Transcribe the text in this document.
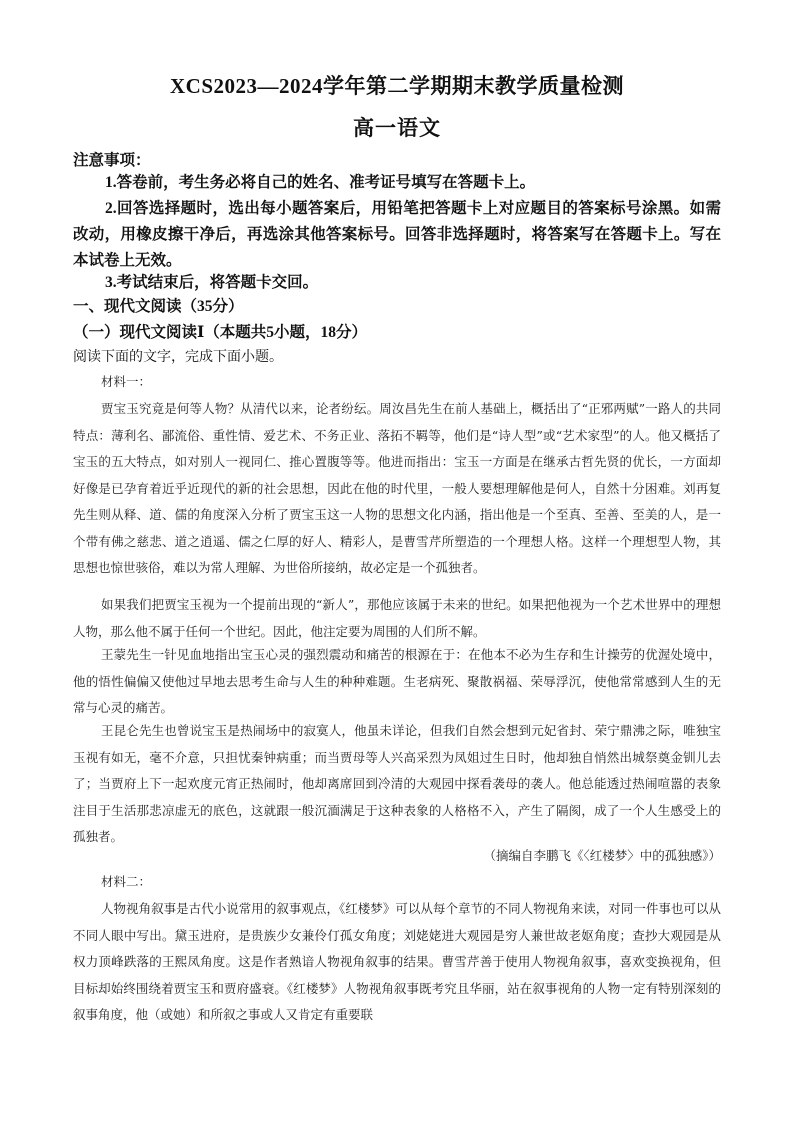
XCS2023—2024学年第二学期期末教学质量检测
高一语文
注意事项：
1.答卷前，考生务必将自己的姓名、准考证号填写在答题卡上。
2.回答选择题时，选出每小题答案后，用铅笔把答题卡上对应题目的答案标号涂黑。如需改动，用橡皮擦干净后，再选涂其他答案标号。回答非选择题时，将答案写在答题卡上。写在本试卷上无效。
3.考试结束后，将答题卡交回。
一、现代文阅读（35分）
（一）现代文阅读Ⅰ（本题共5小题，18分）
阅读下面的文字，完成下面小题。
材料一：
贾宝玉究竟是何等人物？从清代以来，论者纷纭。周汝昌先生在前人基础上，概括出了“正邪两赋”一路人的共同特点：薄利名、鄙流俗、重性情、爱艺术、不务正业、落拓不羁等，他们是“诗人型”或“艺术家型”的人。他又概括了宝玉的五大特点，如对别人一视同仁、推心置腹等等。他进而指出：宝玉一方面是在继承古哲先贤的优长，一方面却好像是已孕育着近乎近现代的新的社会思想，因此在他的时代里，一般人要想理解他是何人，自然十分困难。刘再复先生则从释、道、儒的角度深入分析了贾宝玉这一人物的思想文化内涵，指出他是一个至真、至善、至美的人，是一个带有佛之慈悲、道之逍遥、儒之仁厚的好人、精彩人，是曹雪芹所塑造的一个理想人格。这样一个理想型人物，其思想也惊世骇俗，难以为常人理解、为世俗所接纳，故必定是一个孤独者。
如果我们把贾宝玉视为一个提前出现的“新人”，那他应该属于未来的世纪。如果把他视为一个艺术世界中的理想人物，那么他不属于任何一个世纪。因此，他注定要为周围的人们所不解。
王蒙先生一针见血地指出宝玉心灵的强烈震动和痛苦的根源在于：在他本不必为生存和生计操劳的优渥处境中，他的悟性偏偏又使他过早地去思考生命与人生的种种难题。生老病死、聚散祸福、荣辱浮沉，使他常常感到人生的无常与心灵的痛苦。
王昆仑先生也曾说宝玉是热闹场中的寂寞人，他虽未详论，但我们自然会想到元妃省封、荣宁鼎沸之际，唯独宝玉视有如无，毫不介意，只担忧秦钟病重；而当贾母等人兴高采烈为凤姐过生日时，他却独自悄然出城祭奠金钏儿去了；当贾府上下一起欢度元宵正热闹时，他却离席回到冷清的大观园中探看袭母的袭人。他总能透过热闹喧嚣的表象注目于生活那悲凉虚无的底色，这就跟一般沉湎满足于这种表象的人格格不入，产生了隔阂，成了一个人生感受上的孤独者。
（摘编自李鹏飞《〈红楼梦〉中的孤独感》）
材料二：
人物视角叙事是古代小说常用的叙事观点，《红楼梦》可以从每个章节的不同人物视角来读，对同一件事也可以从不同人眼中写出。黛玉进府，是贵族少女兼伶仃孤女角度；刘姥姥进大观园是穷人兼世故老妪角度；查抄大观园是从权力顶峰跌落的王熙凤角度。这是作者熟谙人物视角叙事的结果。曹雪芹善于使用人物视角叙事，喜欢变换视角，但目标却始终围绕着贾宝玉和贾府盛衰。《红楼梦》人物视角叙事既考究且华丽，站在叙事视角的人物一定有特别深刻的叙事角度，他（或她）和所叙之事或人又肯定有重要联
